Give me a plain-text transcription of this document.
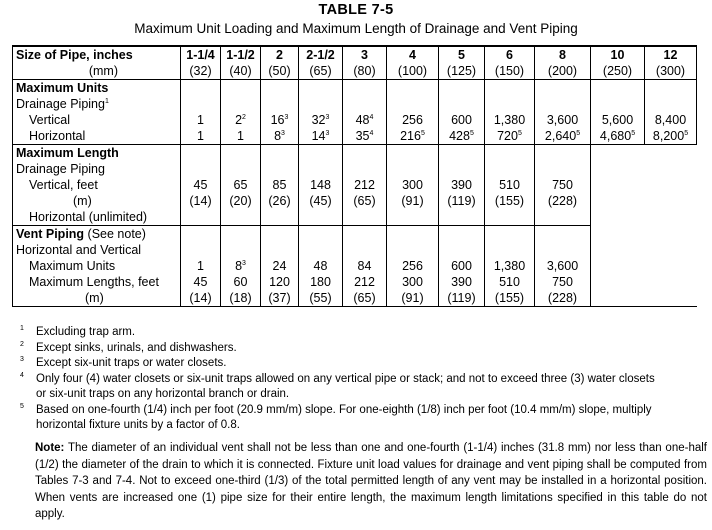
TABLE 7-5
Maximum Unit Loading and Maximum Length of Drainage and Vent Piping
Size of Pipe, inches	1-1/4	1-1/2	2	2-1/2	3	4	5	6	8	10	12
(mm)	(32)	(40)	(50)	(65)	(80)	(100)	(125)	(150)	(200)	(250)	(300)
Maximum Units											
Drainage Piping$^1$											
Vertical	1	$2^2$	$16^3$	$32^3$	$48^4$	256	600	1,380	3,600	5,600	8,400
Horizontal	1	1	$8^3$	$14^3$	$35^4$	$216^5$	$428^5$	$720^5$	2,640$^5$	4,680$^5$	8,200$^5$
Maximum Length											
Drainage Piping											
Vertical, feet	45	65	85	148	212	300	390	510	750		
(m)	(14)	(20)	(26)	(45)	(65)	(91)	(119)	(155)	(228)		
Horizontal (unlimited)											
Vent Piping (See note)											
Horizontal and Vertical											
Maximum Units	1	$8^3$	24	48	84	256	600	1,380	3,600		
Maximum Lengths, feet	45	60	120	180	212	300	390	510	750		
(m)	(14)	(18)	(37)	(55)	(65)	(91)	(119)	(155)	(228)		
$^1$ Excluding trap arm.
$^2$ Except sinks, urinals, and dishwashers.
$^3$ Except six-unit traps or water closets.
$^4$ Only four (4) water closets or six-unit traps allowed on any vertical pipe or stack; and not to exceed three (3) water closets
or six-unit traps on any horizontal branch or drain.
$^5$ Based on one-fourth (1/4) inch per foot (20.9 mm/m) slope. For one-eighth (1/8) inch per foot (10.4 mm/m) slope, multiply
horizontal fixture units by a factor of 0.8.
Note: The diameter of an individual vent shall not be less than one and one-fourth (1-1/4) inches (31.8 mm) nor less than one-half (1/2) the diameter of the drain to which it is connected. Fixture unit load values for drainage and vent piping shall be computed from Tables 7-3 and 7-4. Not to exceed one-third (1/3) of the total permitted length of any vent may be installed in a horizontal position. When vents are increased one (1) pipe size for their entire length, the maximum length limitations specified in this table do not apply.
